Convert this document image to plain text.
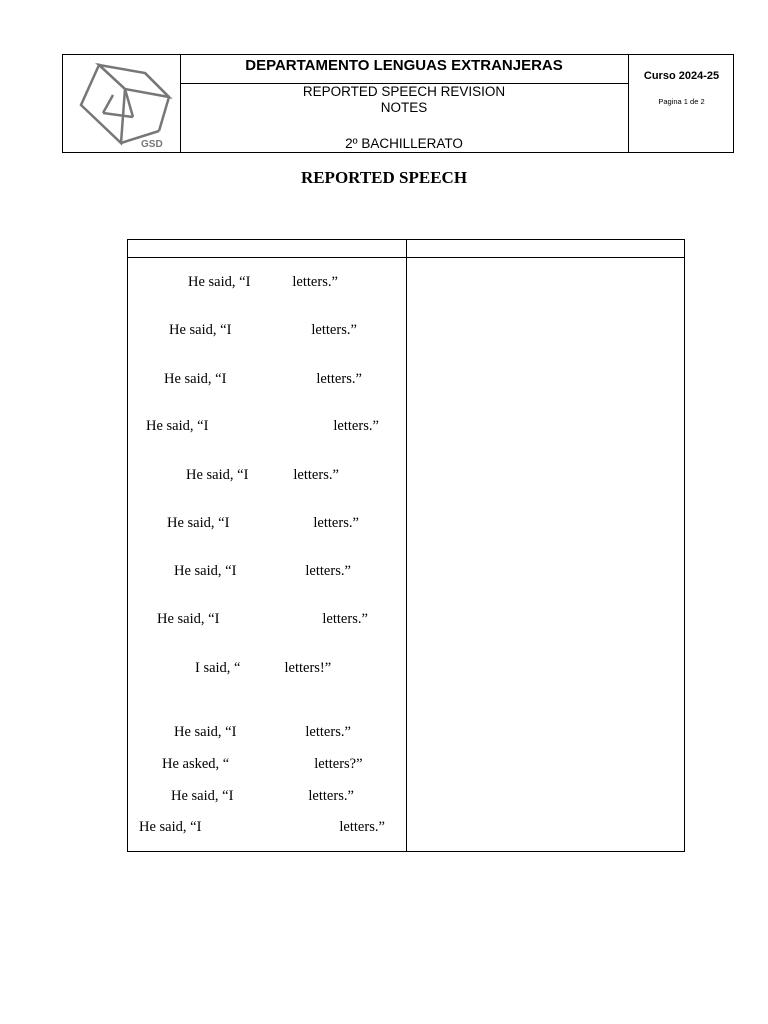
GSD
DEPARTAMENTO LENGUAS EXTRANJERAS
REPORTED SPEECH REVISION
NOTES
2º BACHILLERATO
Curso 2024-25
Pagina 1 de 2
REPORTED SPEECH
He said, “I	letters.”
He said, “I	letters.”
He said, “I	letters.”
He said, “I	letters.”
He said, “I	letters.”
He said, “I	letters.”
He said, “I	letters.”
He said, “I	letters.”
I said, “	letters!”
He said, “I	letters.”
He asked, “	letters?”
He said, “I	letters.”
He said, “I	letters.”
